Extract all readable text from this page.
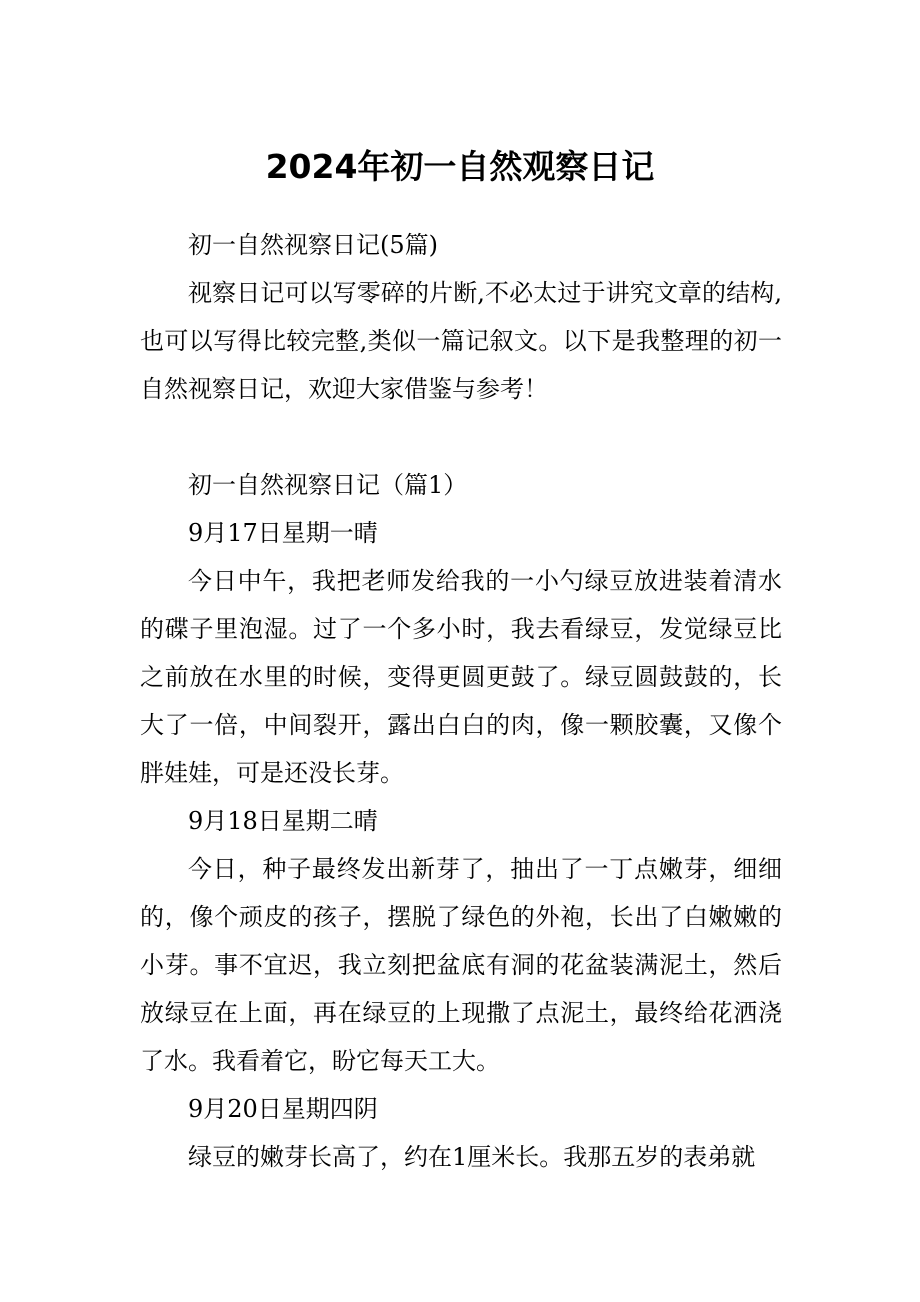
2024年初一自然观察日记

初一自然视察日记(5篇)

视察日记可以写零碎的片断,不必太过于讲究文章的结构,也可以写得比较完整,类似一篇记叙文。以下是我整理的初一自然视察日记，欢迎大家借鉴与参考！

初一自然视察日记（篇1）

9月17日星期一晴

今日中午，我把老师发给我的一小勺绿豆放进装着清水的碟子里泡湿。过了一个多小时，我去看绿豆，发觉绿豆比之前放在水里的时候，变得更圆更鼓了。绿豆圆鼓鼓的，长大了一倍，中间裂开，露出白白的肉，像一颗胶囊，又像个胖娃娃，可是还没长芽。

9月18日星期二晴

今日，种子最终发出新芽了，抽出了一丁点嫩芽，细细的，像个顽皮的孩子，摆脱了绿色的外袍，长出了白嫩嫩的小芽。事不宜迟，我立刻把盆底有洞的花盆装满泥土，然后放绿豆在上面，再在绿豆的上现撒了点泥土，最终给花洒浇了水。我看着它，盼它每天工大。

9月20日星期四阴

绿豆的嫩芽长高了，约在1厘米长。我那五岁的表弟就
